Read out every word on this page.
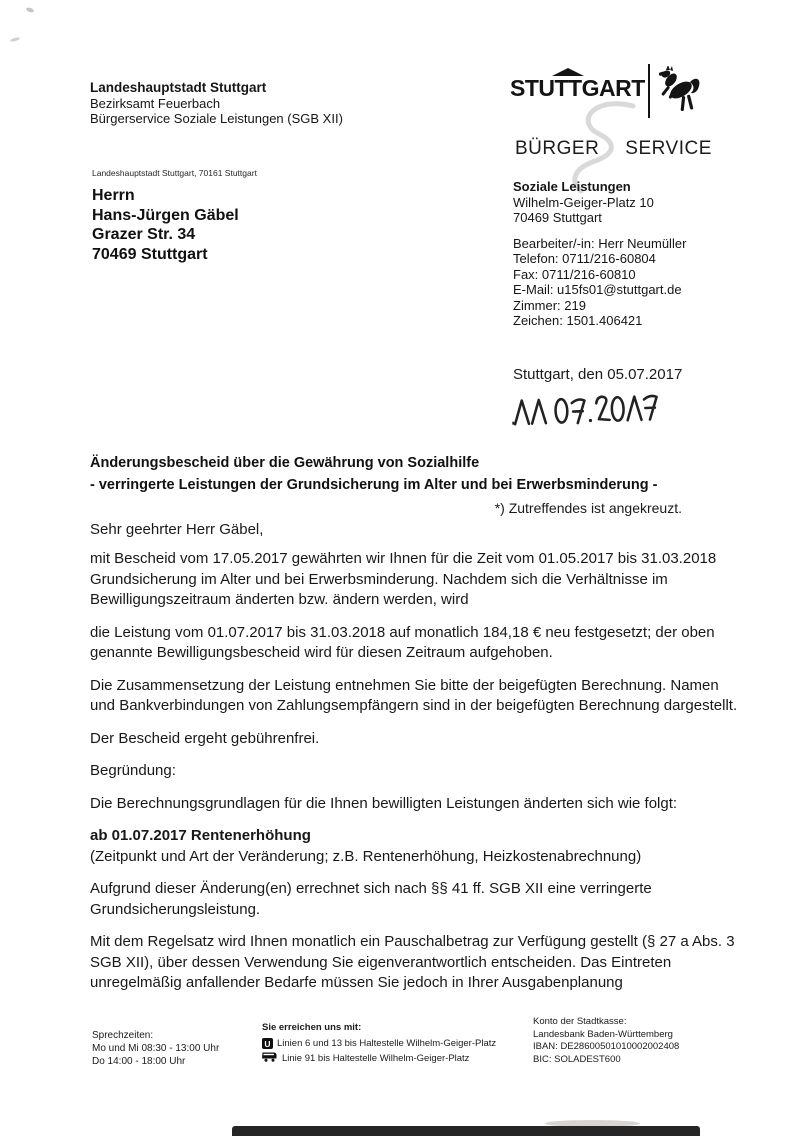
Landeshauptstadt Stuttgart
Bezirksamt Feuerbach
Bürgerservice Soziale Leistungen (SGB XII)
STU
TTGART
BÜRGER SERVICE
Landeshauptstadt Stuttgart, 70161 Stuttgart
Herrn
Hans-Jürgen Gäbel
Grazer Str. 34
70469 Stuttgart
Soziale Leistungen
Wilhelm-Geiger-Platz 10
70469 Stuttgart
Bearbeiter/-in: Herr Neumüller
Telefon: 0711/216-60804
Fax: 0711/216-60810
E-Mail: u15fs01@stuttgart.de
Zimmer: 219
Zeichen: 1501.406421
Stuttgart, den 05.07.2017
Änderungsbescheid über die Gewährung von Sozialhilfe
- verringerte Leistungen der Grundsicherung im Alter und bei Erwerbsminderung -
*) Zutreffendes ist angekreuzt.
Sehr geehrter Herr Gäbel,

mit Bescheid vom 17.05.2017 gewährten wir Ihnen für die Zeit vom 01.05.2017 bis 31.03.2018 Grundsicherung im Alter und bei Erwerbsminderung. Nachdem sich die Verhältnisse im Bewilligungszeitraum änderten bzw. ändern werden, wird

die Leistung vom 01.07.2017 bis 31.03.2018 auf monatlich 184,18 € neu festgesetzt; der oben genannte Bewilligungsbescheid wird für diesen Zeitraum aufgehoben.

Die Zusammensetzung der Leistung entnehmen Sie bitte der beigefügten Berechnung. Namen und Bankverbindungen von Zahlungsempfängern sind in der beigefügten Berechnung dargestellt.

Der Bescheid ergeht gebührenfrei.

Begründung:

Die Berechnungsgrundlagen für die Ihnen bewilligten Leistungen änderten sich wie folgt:

ab 01.07.2017 Rentenerhöhung

(Zeitpunkt und Art der Veränderung; z.B. Rentenerhöhung, Heizkostenabrechnung)

Aufgrund dieser Änderung(en) errechnet sich nach §§ 41 ff. SGB XII eine verringerte Grundsicherungsleistung.

Mit dem Regelsatz wird Ihnen monatlich ein Pauschalbetrag zur Verfügung gestellt (§ 27 a Abs. 3 SGB XII), über dessen Verwendung Sie eigenverantwortlich entscheiden. Das Eintreten unregelmäßig anfallender Bedarfe müssen Sie jedoch in Ihrer Ausgabenplanung

Sprechzeiten:
Mo und Mi 08:30 - 13:00 Uhr
Do 14:00 - 18:00 Uhr
Sie erreichen uns mit:
U Linien 6 und 13 bis Haltestelle Wilhelm-Geiger-Platz
Linie 91 bis Haltestelle Wilhelm-Geiger-Platz
Konto der Stadtkasse:
Landesbank Baden-Württemberg
IBAN: DE28600501010002002408
BIC: SOLADEST600
